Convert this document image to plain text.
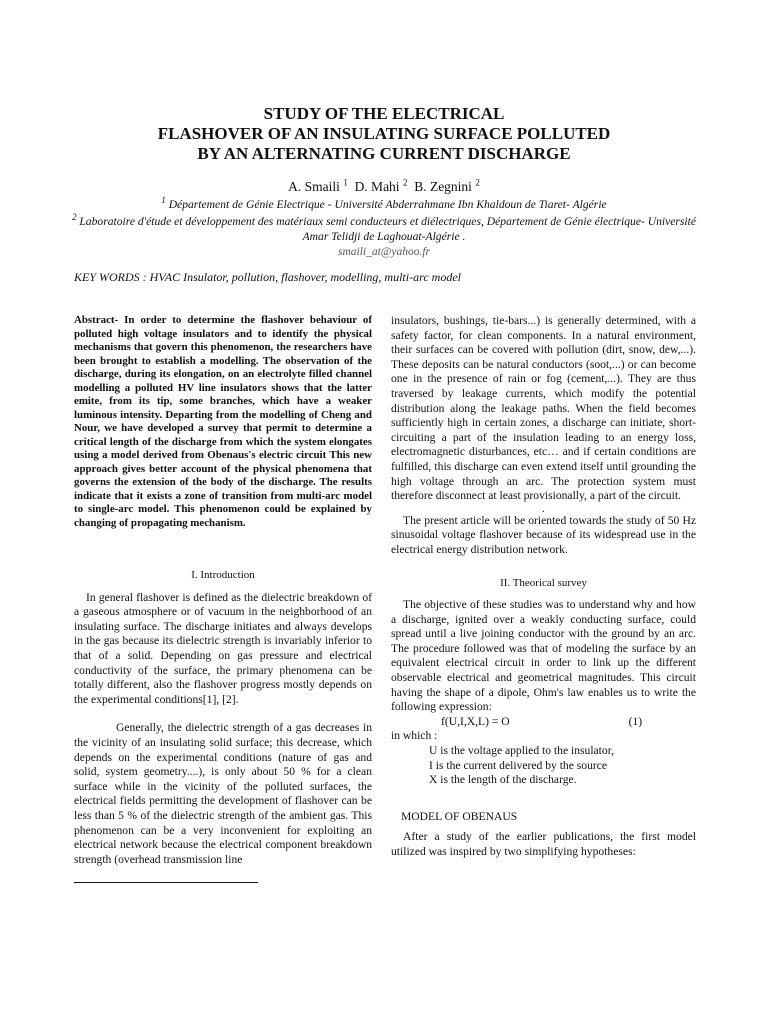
STUDY OF THE ELECTRICAL
FLASHOVER OF AN INSULATING SURFACE POLLUTED
BY AN ALTERNATING CURRENT DISCHARGE
A. Smaili $^1$ D. Mahi $^2$ B. Zegnini $^2$
$^1$ Département de Génie Electrique - Université Abderrahmane Ibn Khaldoun de Tiaret- Algérie
$^2$ Laboratoire d'étude et développement des matériaux semi conducteurs et diélectriques, Département de Génie électrique- Université Amar Telidji de Laghouat-Algérie .
smaili_at@yahoo.fr
KEY WORDS : HVAC Insulator, pollution, flashover, modelling, multi-arc model

Abstract- In order to determine the flashover behaviour of polluted high voltage insulators and to identify the physical mechanisms that govern this phenomenon, the researchers have been brought to establish a modelling. The observation of the discharge, during its elongation, on an electrolyte filled channel modelling a polluted HV line insulators shows that the latter emite, from its tip, some branches, which have a weaker luminous intensity. Departing from the modelling of Cheng and Nour, we have developed a survey that permit to determine a critical length of the discharge from which the system elongates using a model derived from Obenaus's electric circuit This new approach gives better account of the physical phenomena that governs the extension of the body of the discharge. The results indicate that it exists a zone of transition from multi-arc model to single-arc model. This phenomenon could be explained by changing of propagating mechanism.

I. Introduction

In general flashover is defined as the dielectric breakdown of a gaseous atmosphere or of vacuum in the neighborhood of an insulating surface. The discharge initiates and always develops in the gas because its dielectric strength is invariably inferior to that of a solid. Depending on gas pressure and electrical conductivity of the surface, the primary phenomena can be totally different, also the flashover progress mostly depends on the experimental conditions[1], [2].

Generally, the dielectric strength of a gas decreases in the vicinity of an insulating solid surface; this decrease, which depends on the experimental conditions (nature of gas and solid, system geometry....), is only about 50 % for a clean surface while in the vicinity of the polluted surfaces, the electrical fields permitting the development of flashover can be less than 5 % of the dielectric strength of the ambient gas. This phenomenon can be a very inconvenient for exploiting an electrical network because the electrical component breakdown strength (overhead transmission line

insulators, bushings, tie-bars...) is generally determined, with a safety factor, for clean components. In a natural environment, their surfaces can be covered with pollution (dirt, snow, dew,...). These deposits can be natural conductors (soot,...) or can become one in the presence of rain or fog (cement,...). They are thus traversed by leakage currents, which modify the potential distribution along the leakage paths. When the field becomes sufficiently high in certain zones, a discharge can initiate, short-circuiting a part of the insulation leading to an energy loss, electromagnetic disturbances, etc… and if certain conditions are fulfilled, this discharge can even extend itself until grounding the high voltage through an arc. The protection system must therefore disconnect at least provisionally, a part of the circuit.

.

The present article will be oriented towards the study of 50 Hz sinusoidal voltage flashover because of its widespread use in the electrical energy distribution network.

II. Theorical survey

The objective of these studies was to understand why and how a discharge, ignited over a weakly conducting surface, could spread until a live joining conductor with the ground by an arc. The procedure followed was that of modeling the surface by an equivalent electrical circuit in order to link up the different observable electrical and geometrical magnitudes. This circuit having the shape of a dipole, Ohm's law enables us to write the following expression:

f(U,I,X,L) = O	(1)

in which :

U is the voltage applied to the insulator,

I is the current delivered by the source

X is the length of the discharge.

MODEL OF OBENAUS

After a study of the earlier publications, the first model utilized was inspired by two simplifying hypotheses:
